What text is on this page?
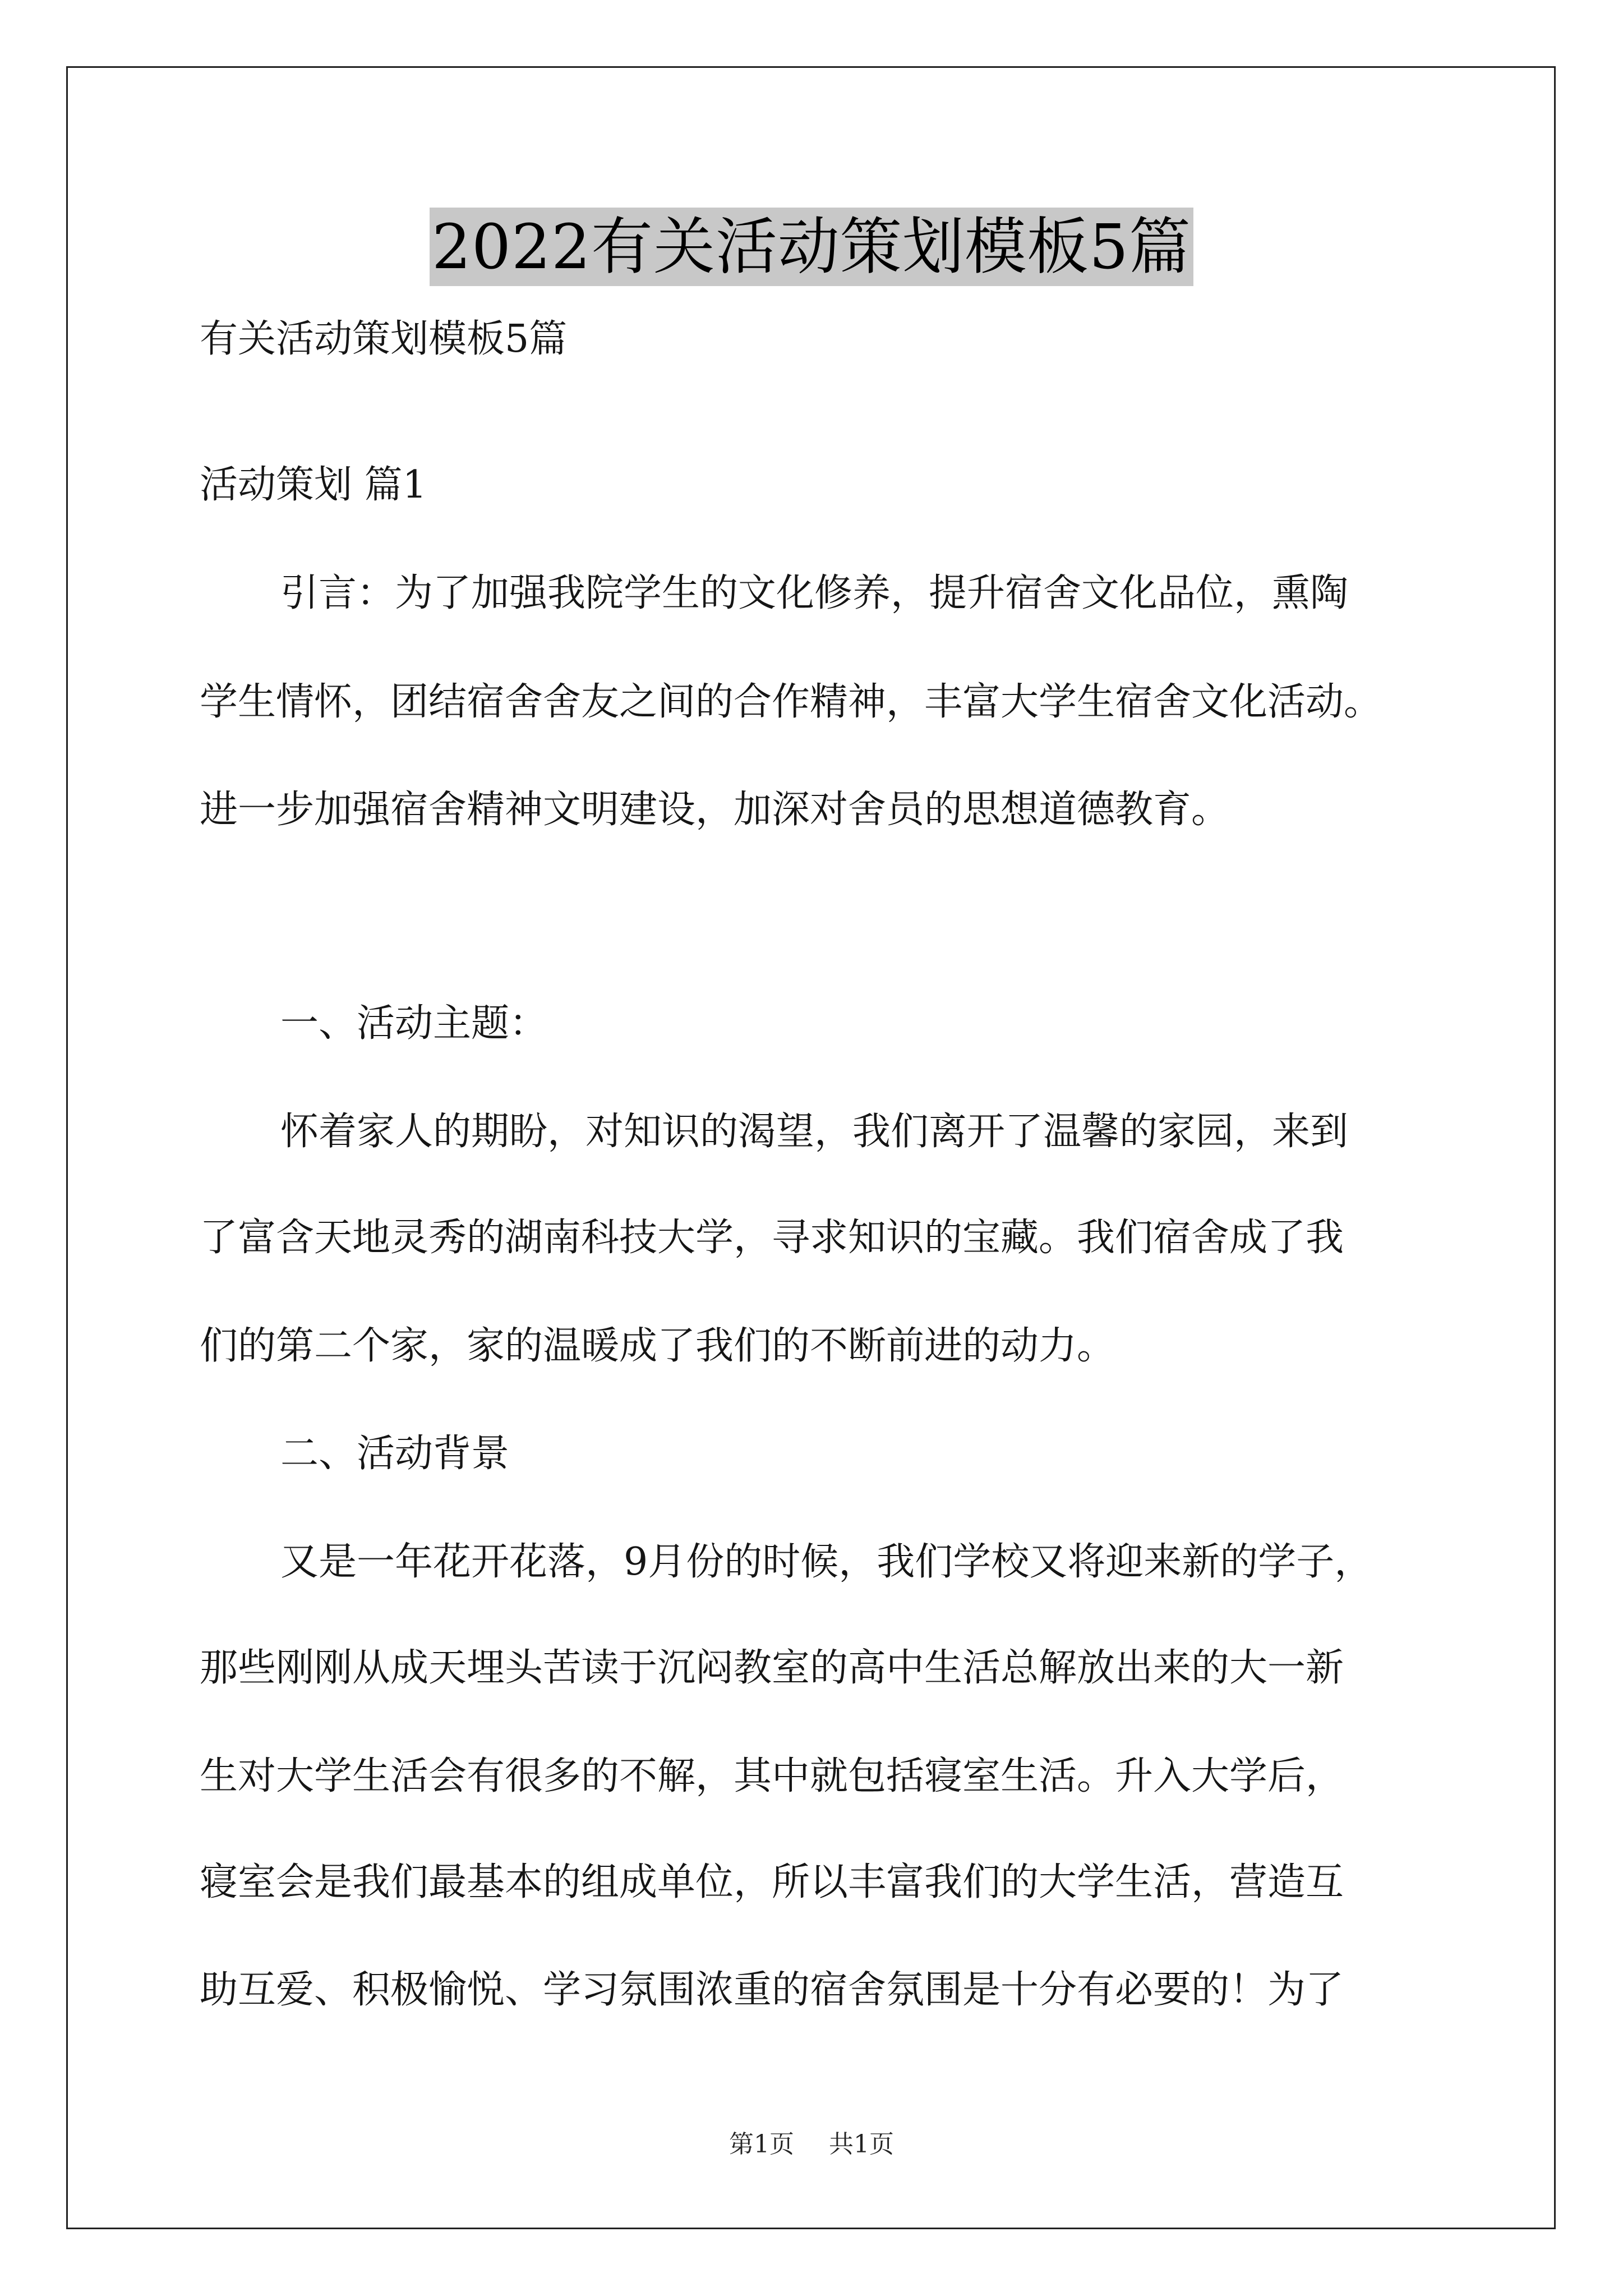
2022有关活动策划模板5篇
有关活动策划模板5篇
活动策划 篇1
引言：为了加强我院学生的文化修养，提升宿舍文化品位，熏陶
学生情怀，团结宿舍舍友之间的合作精神，丰富大学生宿舍文化活动。
进一步加强宿舍精神文明建设，加深对舍员的思想道德教育。
一、活动主题：
怀着家人的期盼，对知识的渴望，我们离开了温馨的家园，来到
了富含天地灵秀的湖南科技大学，寻求知识的宝藏。我们宿舍成了我
们的第二个家，家的温暖成了我们的不断前进的动力。
二、活动背景
又是一年花开花落，9月份的时候，我们学校又将迎来新的学子，
那些刚刚从成天埋头苦读于沉闷教室的高中生活总解放出来的大一新
生对大学生活会有很多的不解，其中就包括寝室生活。升入大学后，
寝室会是我们最基本的组成单位，所以丰富我们的大学生活，营造互
助互爱、积极愉悦、学习氛围浓重的宿舍氛围是十分有必要的！为了
第1页 共1页
